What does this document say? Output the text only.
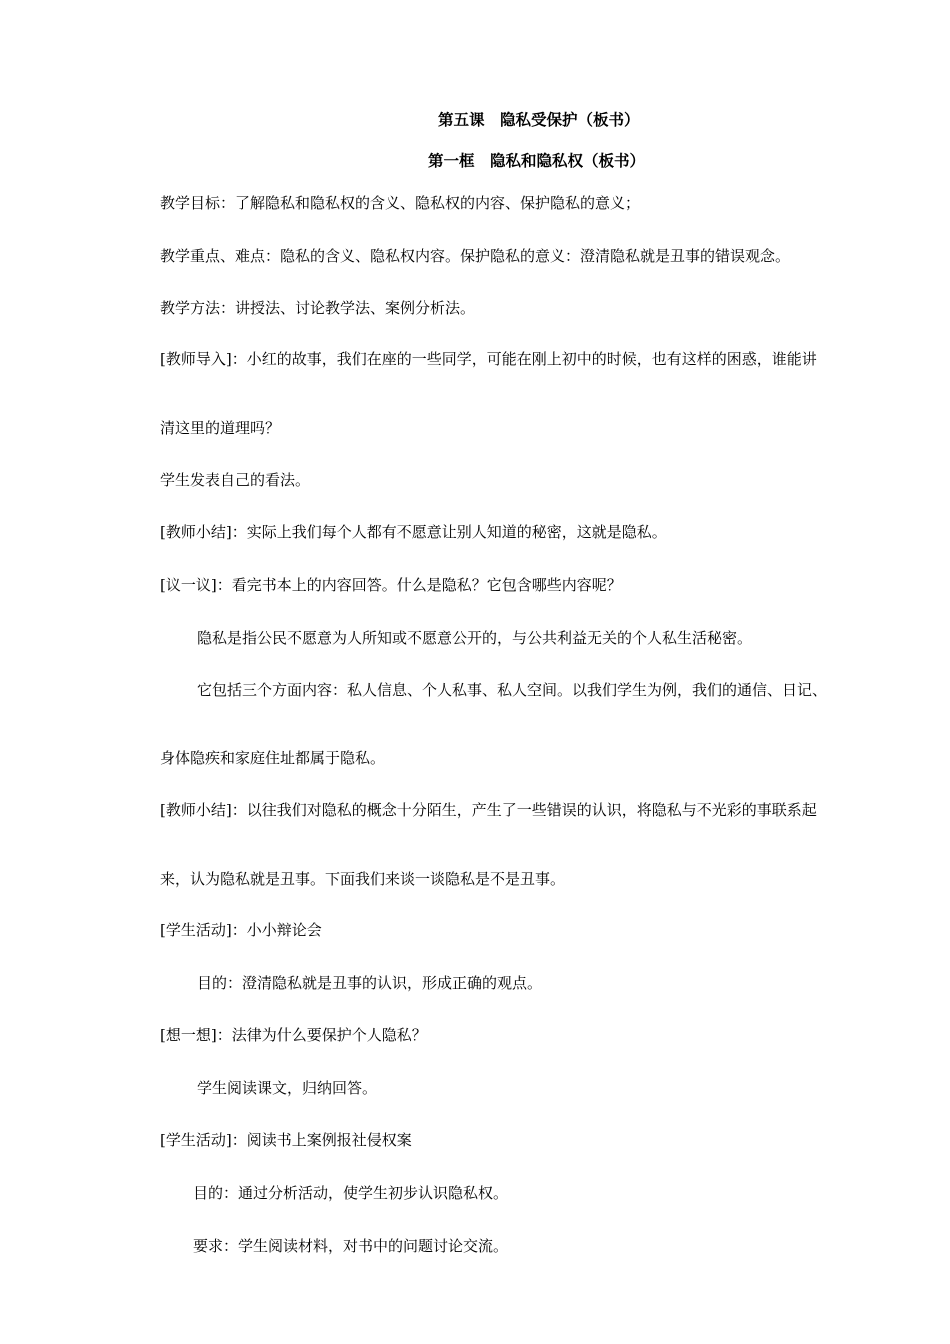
第五课　隐私受保护（板书）
第一框　隐私和隐私权（板书）
教学目标：了解隐私和隐私权的含义、隐私权的内容、保护隐私的意义；
教学重点、难点：隐私的含义、隐私权内容。保护隐私的意义：澄清隐私就是丑事的错误观念。
教学方法：讲授法、讨论教学法、案例分析法。
[教师导入]：小红的故事，我们在座的一些同学，可能在刚上初中的时候，也有这样的困惑，谁能讲
清这里的道理吗？
学生发表自己的看法。
[教师小结]：实际上我们每个人都有不愿意让别人知道的秘密，这就是隐私。
[议一议]：看完书本上的内容回答。什么是隐私？它包含哪些内容呢？
隐私是指公民不愿意为人所知或不愿意公开的，与公共利益无关的个人私生活秘密。
它包括三个方面内容：私人信息、个人私事、私人空间。以我们学生为例，我们的通信、日记、
身体隐疾和家庭住址都属于隐私。
[教师小结]：以往我们对隐私的概念十分陌生，产生了一些错误的认识，将隐私与不光彩的事联系起
来，认为隐私就是丑事。下面我们来谈一谈隐私是不是丑事。
[学生活动]：小小辩论会
目的：澄清隐私就是丑事的认识，形成正确的观点。
[想一想]：法律为什么要保护个人隐私？
学生阅读课文，归纳回答。
[学生活动]：阅读书上案例报社侵权案
目的：通过分析活动，使学生初步认识隐私权。
要求：学生阅读材料，对书中的问题讨论交流。
